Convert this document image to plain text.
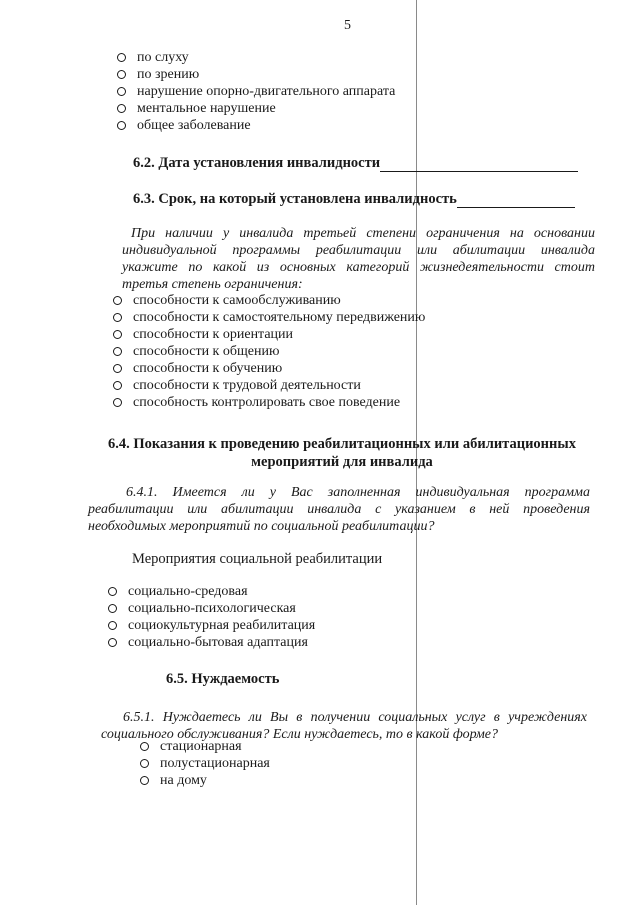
5
по слуху
по зрению
нарушение опорно-двигательного аппарата
ментальное нарушение
общее заболевание
6.2. Дата установления инвалидности
6.3. Срок, на который установлена инвалидность
При наличии у инвалида третьей степени ограничения на основании
индивидуальной программы реабилитации или абилитации инвалида
укажите по какой из основных категорий жизнедеятельности стоит
третья степень ограничения:
способности к самообслуживанию
способности к самостоятельному передвижению
способности к ориентации
способности к общению
способности к обучению
способности к трудовой деятельности
способность контролировать свое поведение
6.4. Показания к проведению реабилитационных или абилитационных
мероприятий для инвалида
6.4.1. Имеется ли у Вас заполненная индивидуальная программа
реабилитации или абилитации инвалида с указанием в ней проведения
необходимых мероприятий по социальной реабилитации?
Мероприятия социальной реабилитации
социально-средовая
социально-психологическая
социокультурная реабилитация
социально-бытовая адаптация
6.5. Нуждаемость
6.5.1. Нуждаетесь ли Вы в получении социальных услуг в учреждениях
социального обслуживания? Если нуждаетесь, то в какой форме?
стационарная
полустационарная
на дому
